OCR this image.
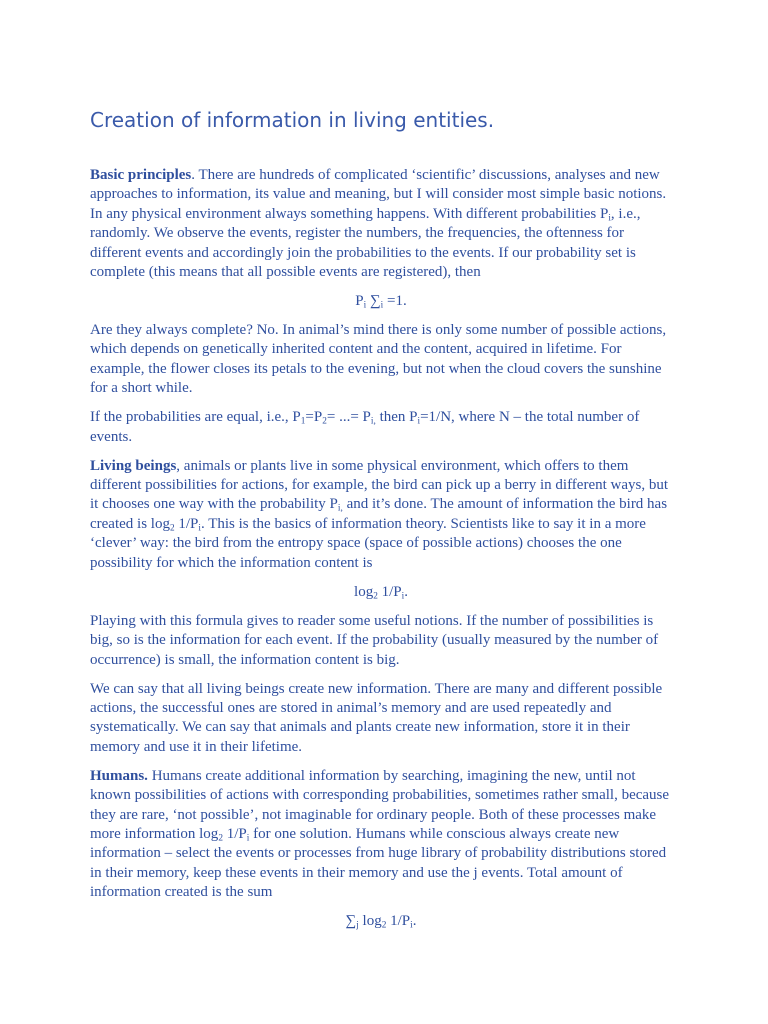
Creation of information in living entities.

Basic principles. There are hundreds of complicated ‘scientific’ discussions, analyses and new approaches to information, its value and meaning, but I will consider most simple basic notions. In any physical environment always something happens. With different probabilities $P_i$, i.e., randomly. We observe the events, register the numbers, the frequencies, the oftenness for different events and accordingly join the probabilities to the events. If our probability set is complete (this means that all possible events are registered), then

$P_i$ $\sum_i =1$.

Are they always complete? No. In animal’s mind there is only some number of possible actions, which depends on genetically inherited content and the content, acquired in lifetime. For example, the flower closes its petals to the evening, but not when the cloud covers the sunshine for a short while.

If the probabilities are equal, i.e., $P_1=P_2=$ ...= $P_{i,}$ then $P_i=1/N$, where N – the total number of events.

Living beings, animals or plants live in some physical environment, which offers to them different possibilities for actions, for example, the bird can pick up a berry in different ways, but it chooses one way with the probability $P_{i,}$ and it’s done. The amount of information the bird has created is $\log_2 1/P_i$. This is the basics of information theory. Scientists like to say it in a more ‘clever’ way: the bird from the entropy space (space of possible actions) chooses the one possibility for which the information content is

$\log_2 1/P_i$.

Playing with this formula gives to reader some useful notions. If the number of possibilities is big, so is the information for each event. If the probability (usually measured by the number of occurrence) is small, the information content is big.

We can say that all living beings create new information. There are many and different possible actions, the successful ones are stored in animal’s memory and are used repeatedly and systematically. We can say that animals and plants create new information, store it in their memory and use it in their lifetime.

Humans. Humans create additional information by searching, imagining the new, until not known possibilities of actions with corresponding probabilities, sometimes rather small, because they are rare, ‘not possible’, not imaginable for ordinary people. Both of these processes make more information $\log_2 1/P_i$ for one solution. Humans while conscious always create new information – select the events or processes from huge library of probability distributions stored in their memory, keep these events in their memory and use the j events. Total amount of information created is the sum

$\sum_j$ $\log_2 1/P_i$.
